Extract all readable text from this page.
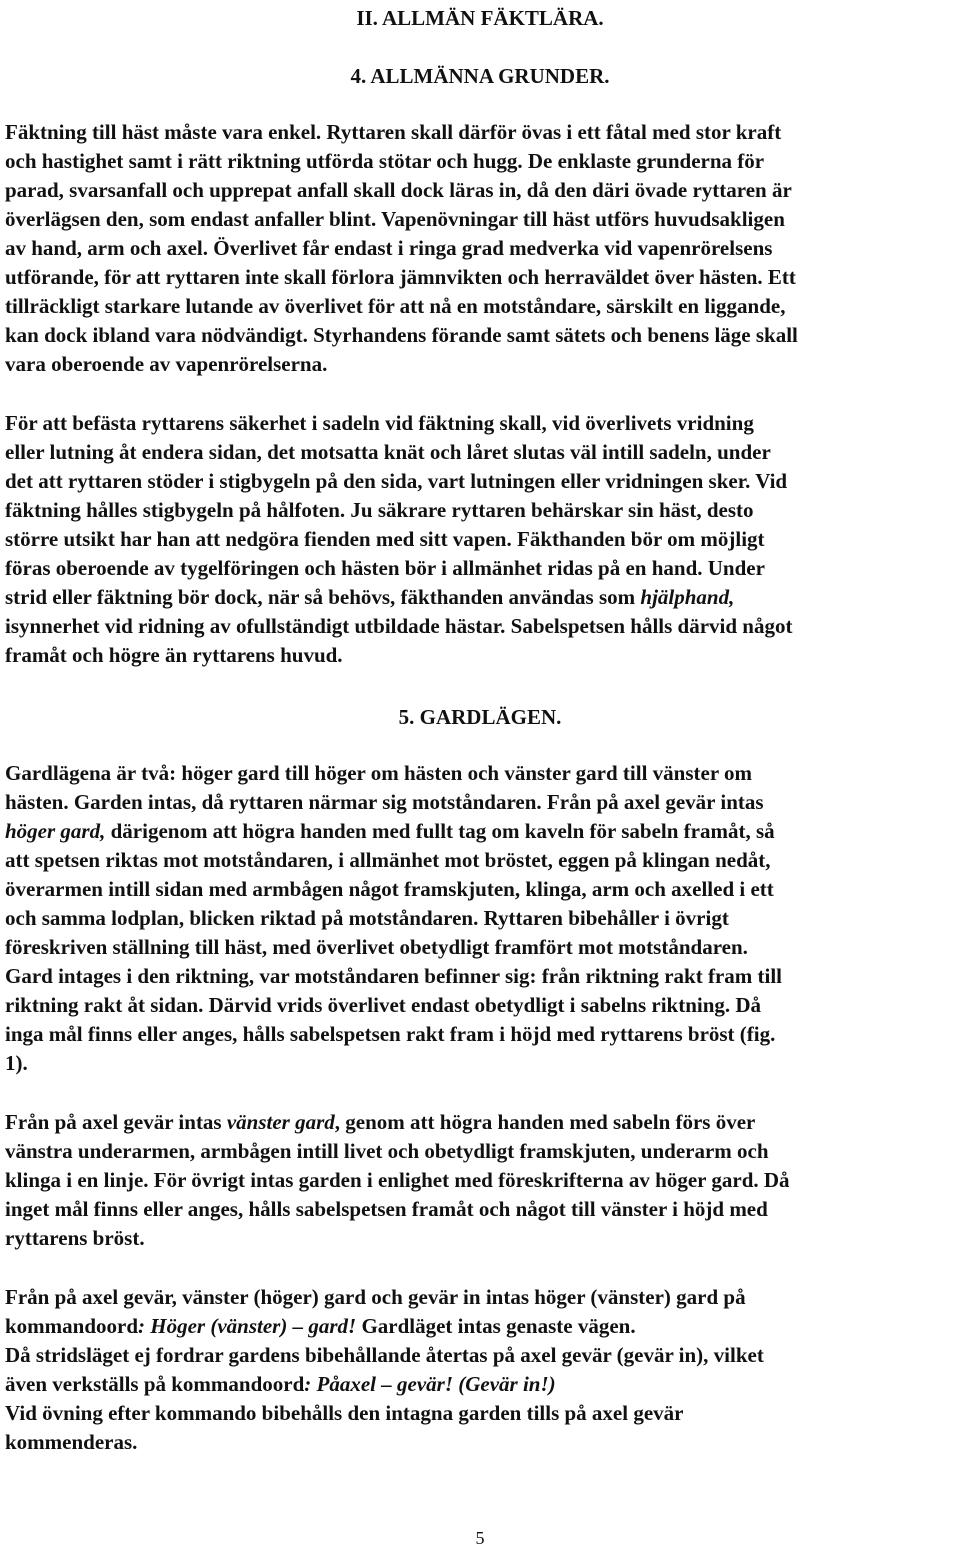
II. ALLMÄN FÄKTLÄRA.
4. ALLMÄNNA GRUNDER.
Fäktning till häst måste vara enkel. Ryttaren skall därför övas i ett fåtal med stor kraft
och hastighet samt i rätt riktning utförda stötar och hugg. De enklaste grunderna för
parad, svarsanfall och upprepat anfall skall dock läras in, då den däri övade ryttaren är
överlägsen den, som endast anfaller blint. Vapenövningar till häst utförs huvudsakligen
av hand, arm och axel. Överlivet får endast i ringa grad medverka vid vapenrörelsens
utförande, för att ryttaren inte skall förlora jämnvikten och herraväldet över hästen. Ett
tillräckligt starkare lutande av överlivet för att nå en motståndare, särskilt en liggande,
kan dock ibland vara nödvändigt. Styrhandens förande samt sätets och benens läge skall
vara oberoende av vapenrörelserna.
För att befästa ryttarens säkerhet i sadeln vid fäktning skall, vid överlivets vridning
eller lutning åt endera sidan, det motsatta knät och låret slutas väl intill sadeln, under
det att ryttaren stöder i stigbygeln på den sida, vart lutningen eller vridningen sker. Vid
fäktning hålles stigbygeln på hålfoten. Ju säkrare ryttaren behärskar sin häst, desto
större utsikt har han att nedgöra fienden med sitt vapen. Fäkthanden bör om möjligt
föras oberoende av tygelföringen och hästen bör i allmänhet ridas på en hand. Under
strid eller fäktning bör dock, när så behövs, fäkthanden användas som hjälphand,
isynnerhet vid ridning av ofullständigt utbildade hästar. Sabelspetsen hålls därvid något
framåt och högre än ryttarens huvud.
5. GARDLÄGEN.
Gardlägena är två: höger gard till höger om hästen och vänster gard till vänster om
hästen. Garden intas, då ryttaren närmar sig motståndaren. Från på axel gevär intas
höger gard, därigenom att högra handen med fullt tag om kaveln för sabeln framåt, så
att spetsen riktas mot motståndaren, i allmänhet mot bröstet, eggen på klingan nedåt,
överarmen intill sidan med armbågen något framskjuten, klinga, arm och axelled i ett
och samma lodplan, blicken riktad på motståndaren. Ryttaren bibehåller i övrigt
föreskriven ställning till häst, med överlivet obetydligt framfört mot motståndaren.
Gard intages i den riktning, var motståndaren befinner sig: från riktning rakt fram till
riktning rakt åt sidan. Därvid vrids överlivet endast obetydligt i sabelns riktning. Då
inga mål finns eller anges, hålls sabelspetsen rakt fram i höjd med ryttarens bröst (fig.
1).
Från på axel gevär intas vänster gard, genom att högra handen med sabeln förs över
vänstra underarmen, armbågen intill livet och obetydligt framskjuten, underarm och
klinga i en linje. För övrigt intas garden i enlighet med föreskrifterna av höger gard. Då
inget mål finns eller anges, hålls sabelspetsen framåt och något till vänster i höjd med
ryttarens bröst.
Från på axel gevär, vänster (höger) gard och gevär in intas höger (vänster) gard på
kommandoord: Höger (vänster) – gard! Gardläget intas genaste vägen.
Då stridsläget ej fordrar gardens bibehållande återtas på axel gevär (gevär in), vilket
även verkställs på kommandoord: Påaxel – gevär! (Gevär in!)
Vid övning efter kommando bibehålls den intagna garden tills på axel gevär
kommenderas.
5
